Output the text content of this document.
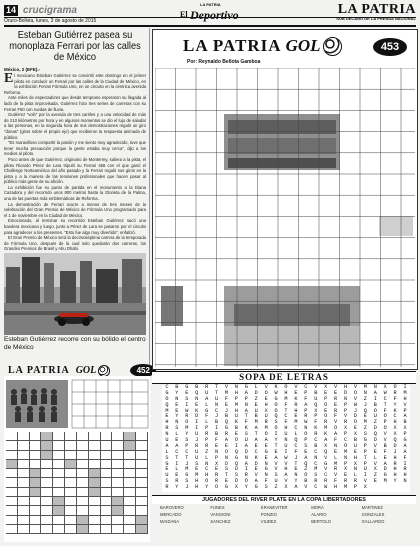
14 crucigrama	LA PATRIA
El Deportivo	LA PATRIA
SUB DECANO DE LA PRENSA NACIONAL
Oruro-Bolivia, lunes, 3 de agosto de 2015
Esteban Gutiérrez pasea su monoplaza Ferrari por las calles de México
México, 2 (EFE).-
E l mexicano Esteban Gutiérrez se convirtió este domingo en el primer piloto en conducir un Ferrari por las calles de la Ciudad de México, en la exhibición Ferrari Fórmula Uno, en un circuito en la céntrica avenida Reforma.

Ante miles de espectadores que desde temprano esperaron su llegada al lado de la pista improvisada, Gutiérrez hizo tres series de carreras con su Ferrari F60 con ruedas de lluvia.

Gutiérrez "voló" por la avenida de tres carriles y a una velocidad de más de 210 kilómetros por hora y en algunos momentos se dio el lujo de saludar a las personas, en la segunda hora de sus demostraciones regaló un giro "donas" (giros sobre el propio eje) que recibieron la respuesta animada de público.

"Es maravilloso compartir la pasión y me siento muy agradecido, tuve que tener mucha precaución porque la gente estaba muy cerca", dijo a los medios al piloto.

Poco antes de que Gutiérrez, originario de Monterrey, saliera a la pista, el piloto Ricardo Pérez de Lara tripuló su Ferrari 458 con el que ganó el Challenge Norteamérica del año pasado y la Ferrari regaló sus giros en la pista y a la manera de las tensiones profesionales que hacen pasar al público más gente de su afición.

La exhibición fue su punto de partida en el monumento a la Diana Cazadora y del recorrido unos 800 metros hasta la Glorieta de la Palma, una de las puertas más emblemáticas de Reforma.

La demostración de Ferrari ocurre a menos de tres meses de la celebración del Gran Premio de México de Fórmula Uno programado para el 1 de noviembre en la Ciudad de México.

Emocionado, al terminar su recorrido Esteban Gutiérrez sacó una bandera mexicana y luego, junto a Pérez de Lara se pasaron por el circuito para agradecer a los presentes. "Esto fue algo muy divertido", enfatizó.

El Gran Premio de México será la decimoséptima carrera de la temporada de Fórmula Uno, después de la cual solo quedarán dos carreras, los Grandes Premios de Brasil y Abu Dhabi.

Esteban Gutiérrez recorre con su bólido el centro de México
LA PATRIA GOL	452
LA PATRIA GOL	453
Por: Reynaldo Bellota Gamboa
SOPA DE LETRAS
C	B	G	B	R	T	V	N	G	L	V	K	O	V	C	V	X	V	H	V	M	N	X	O	I
G	Y	E	Q	U	T	M	H	A	D	O	W	H	E	P	B	E	E	D	O	N	A	W	R	M
O	N	S	N	A	U	F	P	P	Z	E	G	M	K	F	U	P	R	N	V	Z	I	C	F	H
Q	E	I	E	L	N	E	M	N	E	H	O	F	R	A	Q	O	E	P	W	J	B	T	Y	V
M	E	W	K	G	C	J	H	A	U	X	O	T	H	P	X	E	R	P	J	Q	O	F	K	P
E	Y	R	D	F	J	B	U	T	B	U	Q	C	E	R	P	O	F	V	D	E	U	O	C	A
H	N	O	I	L	B	Q	K	F	M	R	S	F	M	W	F	R	V	R	O	M	Z	P	H	B
R	S	M	I	P	I	G	B	K	A	M	O	H	C	N	K	M	O	X	E	Z	D	O	X	X
N	L	Y	U	R	B	R	E	S	T	O	I	U	L	O	R	K	A	P	X	S	Q	V	X	P
U	E	S	J	P	F	A	O	U	A	A	Y	N	Q	P	C	A	F	C	B	G	D	V	Q	G
A	A	P	R	R	E	E	I	A	E	E	T	U	C	S	B	X	N	O	U	P	V	B	D	A
L	C	C	U	Z	N	O	Q	D	C	G	E	I	F	E	C	Q	E	M	E	P	E	F	J	A
S	T	T	U	L	P	N	G	N	K	E	A	W	J	A	N	V	L	N	H	T	L	E	H	F
G	I	J	S	N	X	D	Q	A	D	N	V	V	T	Q	C	G	M	P	X	P	V	A	R	I
E	L	M	E	C	E	S	D	I	E	G	V	H	E	Z	M	V	R	X	N	U	X	D	H	R
U	E	G	M	H	R	T	S	R	V	N	S	A	N	O	S	C	V	E	L	I	Z	G	H	H
S	R	S	H	O	R	E	D	O	A	F	U	V	Y	B	R	R	F	R	R	V	E	M	Y	N
R	Y	J	H	Y	O	G	X	Y	G	S	Z	X	A	V	C	W	H	M	P	X
JUGADORES DEL RIVER PLATE EN LA COPA LIBERTADORES
BAROVERO	FUNES	KRANEVITER	MORA	MARTINEZ
MERCADO	VANGIONI	PONZIO	ALARIO	GONZALES
MAIDANA	SANCHEZ	VIUDEZ	BERTOLO	GALLARDO
